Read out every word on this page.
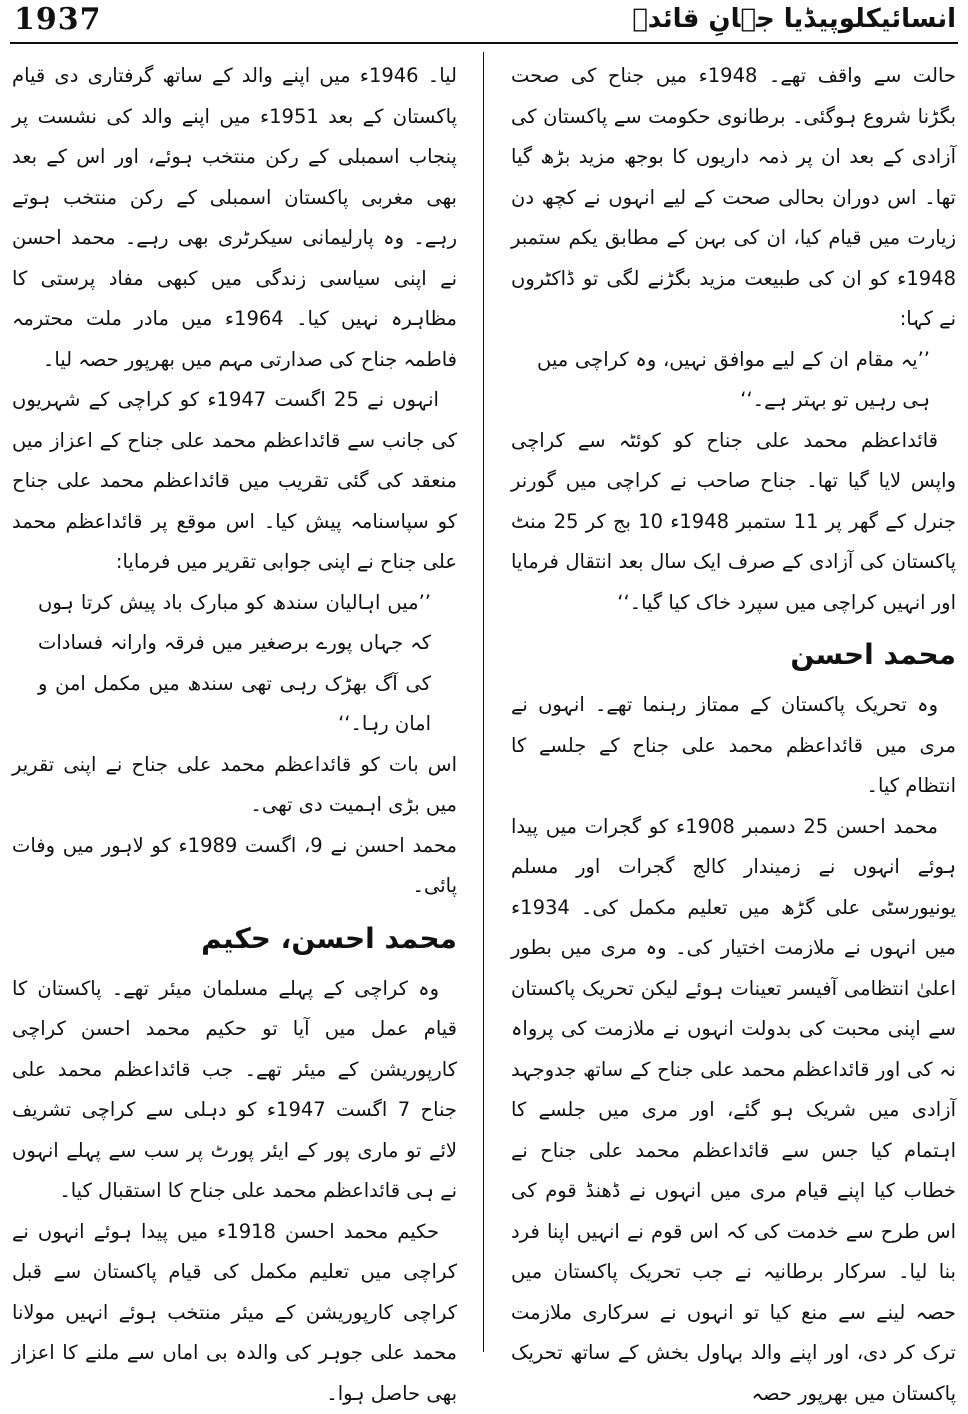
1937	انسائیکلوپیڈیا جہانِ قائدؒ

حالت سے واقف تھے۔ 1948ء میں جناح کی صحت بگڑنا شروع ہوگئی۔ برطانوی حکومت سے پاکستان کی آزادی کے بعد ان پر ذمہ داریوں کا بوجھ مزید بڑھ گیا تھا۔ اس دوران بحالی صحت کے لیے انہوں نے کچھ دن زیارت میں قیام کیا، ان کی بہن کے مطابق یکم ستمبر 1948ء کو ان کی طبیعت مزید بگڑنے لگی تو ڈاکٹروں نے کہا:

’’یہ مقام ان کے لیے موافق نہیں، وہ کراچی میں ہی رہیں تو بہتر ہے۔‘‘

قائداعظم محمد علی جناح کو کوئٹہ سے کراچی واپس لایا گیا تھا۔ جناح صاحب نے کراچی میں گورنر جنرل کے گھر پر 11 ستمبر 1948ء 10 بج کر 25 منٹ پاکستان کی آزادی کے صرف ایک سال بعد انتقال فرمایا اور انہیں کراچی میں سپرد خاک کیا گیا۔‘‘

محمد احسن

وہ تحریک پاکستان کے ممتاز رہنما تھے۔ انہوں نے مری میں قائداعظم محمد علی جناح کے جلسے کا انتظام کیا۔

محمد احسن 25 دسمبر 1908ء کو گجرات میں پیدا ہوئے انہوں نے زمیندار کالج گجرات اور مسلم یونیورسٹی علی گڑھ میں تعلیم مکمل کی۔ 1934ء میں انہوں نے ملازمت اختیار کی۔ وہ مری میں بطور اعلیٰ انتظامی آفیسر تعینات ہوئے لیکن تحریک پاکستان سے اپنی محبت کی بدولت انہوں نے ملازمت کی پرواہ نہ کی اور قائداعظم محمد علی جناح کے ساتھ جدوجہد آزادی میں شریک ہو گئے، اور مری میں جلسے کا اہتمام کیا جس سے قائداعظم محمد علی جناح نے خطاب کیا اپنے قیام مری میں انہوں نے ڈھنڈ قوم کی اس طرح سے خدمت کی کہ اس قوم نے انہیں اپنا فرد بنا لیا۔ سرکار برطانیہ نے جب تحریک پاکستان میں حصہ لینے سے منع کیا تو انہوں نے سرکاری ملازمت ترک کر دی، اور اپنے والد بہاول بخش کے ساتھ تحریک پاکستان میں بھرپور حصہ

لیا۔ 1946ء میں اپنے والد کے ساتھ گرفتاری دی قیام پاکستان کے بعد 1951ء میں اپنے والد کی نشست پر پنجاب اسمبلی کے رکن منتخب ہوئے، اور اس کے بعد بھی مغربی پاکستان اسمبلی کے رکن منتخب ہوتے رہے۔ وہ پارلیمانی سیکرٹری بھی رہے۔ محمد احسن نے اپنی سیاسی زندگی میں کبھی مفاد پرستی کا مظاہرہ نہیں کیا۔ 1964ء میں مادر ملت محترمہ فاطمہ جناح کی صدارتی مہم میں بھرپور حصہ لیا۔

انہوں نے 25 اگست 1947ء کو کراچی کے شہریوں کی جانب سے قائداعظم محمد علی جناح کے اعزاز میں منعقد کی گئی تقریب میں قائداعظم محمد علی جناح کو سپاسنامہ پیش کیا۔ اس موقع پر قائداعظم محمد علی جناح نے اپنی جوابی تقریر میں فرمایا:

’’میں اہالیان سندھ کو مبارک باد پیش کرتا ہوں کہ جہاں پورے برصغیر میں فرقہ وارانہ فسادات کی آگ بھڑک رہی تھی سندھ میں مکمل امن و امان رہا۔‘‘

اس بات کو قائداعظم محمد علی جناح نے اپنی تقریر میں بڑی اہمیت دی تھی۔

محمد احسن نے 9، اگست 1989ء کو لاہور میں وفات پائی۔

محمد احسن، حکیم

وہ کراچی کے پہلے مسلمان میئر تھے۔ پاکستان کا قیام عمل میں آیا تو حکیم محمد احسن کراچی کارپوریشن کے میئر تھے۔ جب قائداعظم محمد علی جناح 7 اگست 1947ء کو دہلی سے کراچی تشریف لائے تو ماری پور کے ایئر پورٹ پر سب سے پہلے انہوں نے ہی قائداعظم محمد علی جناح کا استقبال کیا۔

حکیم محمد احسن 1918ء میں پیدا ہوئے انہوں نے کراچی میں تعلیم مکمل کی قیام پاکستان سے قبل کراچی کارپوریشن کے میئر منتخب ہوئے انہیں مولانا محمد علی جوہر کی والدہ بی اماں سے ملنے کا اعزاز بھی حاصل ہوا۔
